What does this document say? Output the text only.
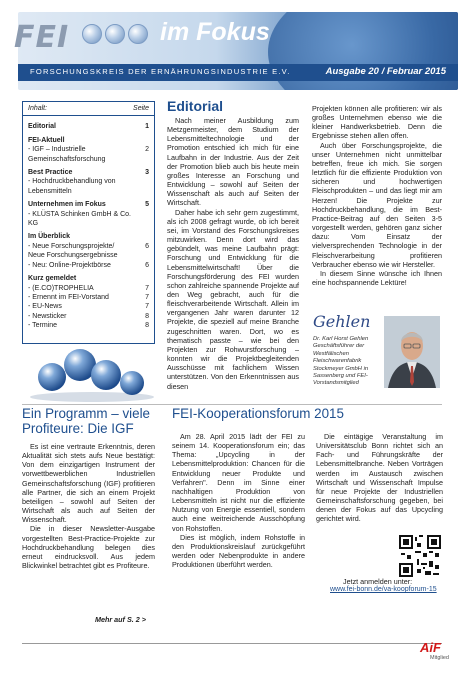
FEI	im Fokus
FORSCHUNGSKREIS DER ERNÄHRUNGSINDUSTRIE E.V.	Ausgabe 20 / Februar 2015
Inhalt:	Seite
Editorial	1
FEI-Aktuell
- IGF – Industrielle	2
Gemeinschaftsforschung
Best Practice	3
- Hochdruckbehandlung von
Lebensmitteln
Unternehmen im Fokus	5
- KLÜSTA Schinken GmbH & Co. KG
Im Überblick
- Neue Forschungsprojekte/	6
Neue Forschungsergebnisse
- Neu: Online-Projektbörse	6
Kurz gemeldet
- (E.CO)TROPHELIA	7
- Ernennt im FEI-Vorstand	7
- EU-News	7
- Newsticker	8
- Termine	8
Editorial

Nach meiner Ausbildung zum Metzgermeister, dem Studium der Lebensmitteltechnologie und der Promotion entschied ich mich für eine Laufbahn in der Industrie. Aus der Zeit der Promotion blieb auch bis heute mein großes Interesse an Forschung und Entwicklung – sowohl auf Seiten der Wissenschaft als auch auf Seiten der Wirtschaft.

Daher habe ich sehr gern zugestimmt, als ich 2008 gefragt wurde, ob ich bereit sei, im Vorstand des Forschungskreises mitzuwirken. Denn dort wird das gebündelt, was meine Laufbahn prägt: Forschung und Entwicklung für die Lebensmittelwirtschaft! Über die Forschungsförderung des FEI wurden schon zahlreiche spannende Projekte auf den Weg gebracht, auch für die fleischverarbeitende Wirtschaft. Allein im vergangenen Jahr waren darunter 12 Projekte, die speziell auf meine Branche zugeschnitten waren. Dort, wo es thematisch passte – wie bei den Projekten zur Rohwurstforschung – konnten wir die Projektbegleitenden Ausschüsse mit fachlichem Wissen unterstützen. Von den Erkenntnissen aus diesen

Projekten können alle profitieren: wir als großes Unternehmen ebenso wie die kleiner Handwerksbetrieb. Denn die Ergebnisse stehen allen offen.

Auch über Forschungsprojekte, die unser Unternehmen nicht unmittelbar betreffen, freue ich mich. Sie sorgen letztlich für die effiziente Produktion von sicheren und hochwertigen Fleischprodukten – und das liegt mir am Herzen! Die Projekte zur Hochdruckbehandlung, die im Best-Practice-Beitrag auf den Seiten 3-5 vorgestellt werden, gehören ganz sicher dazu: Vom Einsatz der vielversprechenden Technologie in der Fleischverarbeitung profitieren Verbraucher ebenso wie wir Hersteller.

In diesem Sinne wünsche ich Ihnen eine hochspannende Lektüre!

Gehlen
Dr. Karl Horst Gehlen Geschäftsführer der Westfälischen Fleischwarenfabrik Stockmeyer GmbH in Sassenberg und FEI-Vorstandsmitglied
Ein Programm – viele Profiteure: Die IGF

Es ist eine vertraute Erkenntnis, deren Aktualität sich stets aufs Neue bestätigt: Von dem einzigartigen Instrument der vorwettbewerblichen Industriellen Gemeinschaftsforschung (IGF) profitieren alle Partner, die sich an einem Projekt beteiligen – sowohl auf Seiten der Wirtschaft als auch auf Seiten der Wissenschaft.

Die in dieser Newsletter-Ausgabe vorgestellten Best-Practice-Projekte zur Hochdruckbehandlung belegen dies erneut eindrucksvoll. Aus jedem Blickwinkel betrachtet gibt es Profiteure.

Mehr auf S. 2 >
FEI-Kooperationsforum 2015

Am 28. April 2015 lädt der FEI zu seinem 14. Kooperationsforum ein; das Thema: „Upcycling in der Lebensmittelproduktion: Chancen für die Entwicklung neuer Produkte und Verfahren". Denn im Sinne einer nachhaltigen Produktion von Lebensmitteln ist nicht nur die effiziente Nutzung von Energie essentiell, sondern auch eine weitreichende Ausschöpfung von Rohstoffen.

Dies ist möglich, indem Rohstoffe in den Produktionskreislauf zurückgeführt werden oder Nebenprodukte in andere Produktionen überführt werden.

Die eintägige Veranstaltung im Universitätsclub Bonn richtet sich an Fach- und Führungskräfte der Lebensmittelbranche. Neben Vorträgen werden im Austausch zwischen Wirtschaft und Wissenschaft Impulse für neue Projekte der Industriellen Gemeinschaftsforschung gegeben, bei denen der Fokus auf das Upcycling gerichtet wird.

Jetzt anmelden unter:
www.fei-bonn.de/va-koopforum-15
AiF
Mitglied
